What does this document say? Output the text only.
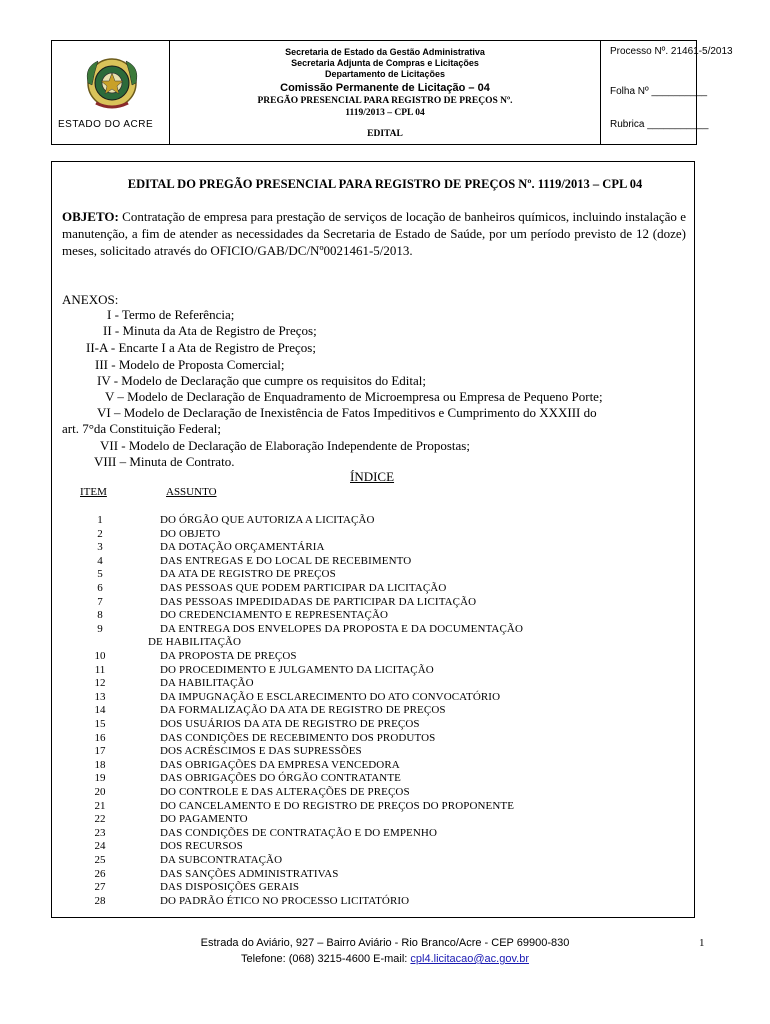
ESTADO DO ACRE
Secretaria de Estado da Gestão Administrativa
Secretaria Adjunta de Compras e Licitações
Departamento de Licitações
Comissão Permanente de Licitação – 04
PREGÃO PRESENCIAL PARA REGISTRO DE PREÇOS Nº.
1119/2013 – CPL 04
EDITAL
Processo Nº. 21461-5/2013
Folha Nº __________
Rubrica ___________
EDITAL DO PREGÃO PRESENCIAL PARA REGISTRO DE PREÇOS Nº. 1119/2013 – CPL 04
OBJETO: Contratação de empresa para prestação de serviços de locação de banheiros químicos, incluindo instalação e manutenção, a fim de atender as necessidades da Secretaria de Estado de Saúde, por um período previsto de 12 (doze) meses, solicitado através do OFICIO/GAB/DC/Nº0021461-5/2013.
ANEXOS:
I - Termo de Referência;
II - Minuta da Ata de Registro de Preços;
II-A - Encarte I a Ata de Registro de Preços;
III - Modelo de Proposta Comercial;
IV - Modelo de Declaração que cumpre os requisitos do Edital;
V – Modelo de Declaração de Enquadramento de Microempresa ou Empresa de Pequeno Porte;
VI – Modelo de Declaração de Inexistência de Fatos Impeditivos e Cumprimento do XXXIII do
art. 7°da Constituição Federal;
VII - Modelo de Declaração de Elaboração Independente de Propostas;
VIII – Minuta de Contrato.
ÍNDICE
ITEM	ASSUNTO
1	DO ÓRGÃO QUE AUTORIZA A LICITAÇÃO
2	DO OBJETO
3	DA DOTAÇÃO ORÇAMENTÁRIA
4	DAS ENTREGAS E DO LOCAL DE RECEBIMENTO
5	DA ATA DE REGISTRO DE PREÇOS
6	DAS PESSOAS QUE PODEM PARTICIPAR DA LICITAÇÃO
7	DAS PESSOAS IMPEDIDADAS DE PARTICIPAR DA LICITAÇÃO
8	DO CREDENCIAMENTO E REPRESENTAÇÃO
9	DA ENTREGA DOS ENVELOPES DA PROPOSTA E DA DOCUMENTAÇÃO
DE HABILITAÇÃO
10	DA PROPOSTA DE PREÇOS
11	DO PROCEDIMENTO E JULGAMENTO DA LICITAÇÃO
12	DA HABILITAÇÃO
13	DA IMPUGNAÇÃO E ESCLARECIMENTO DO ATO CONVOCATÓRIO
14	DA FORMALIZAÇÃO DA ATA DE REGISTRO DE PREÇOS
15	DOS USUÁRIOS DA ATA DE REGISTRO DE PREÇOS
16	DAS CONDIÇÕES DE RECEBIMENTO DOS PRODUTOS
17	DOS ACRÉSCIMOS E DAS SUPRESSÕES
18	DAS OBRIGAÇÕES DA EMPRESA VENCEDORA
19	DAS OBRIGAÇÕES DO ÓRGÃO CONTRATANTE
20	DO CONTROLE E DAS ALTERAÇÕES DE PREÇOS
21	DO CANCELAMENTO E DO REGISTRO DE PREÇOS DO PROPONENTE
22	DO PAGAMENTO
23	DAS CONDIÇÕES DE CONTRATAÇÃO E DO EMPENHO
24	DOS RECURSOS
25	DA SUBCONTRATAÇÃO
26	DAS SANÇÕES ADMINISTRATIVAS
27	DAS DISPOSIÇÕES GERAIS
28	DO PADRÃO ÉTICO NO PROCESSO LICITATÓRIO
Estrada do Aviário, 927 – Bairro Aviário - Rio Branco/Acre - CEP 69900-830
Telefone: (068) 3215-4600 E-mail: cpl4.licitacao@ac.gov.br
1
